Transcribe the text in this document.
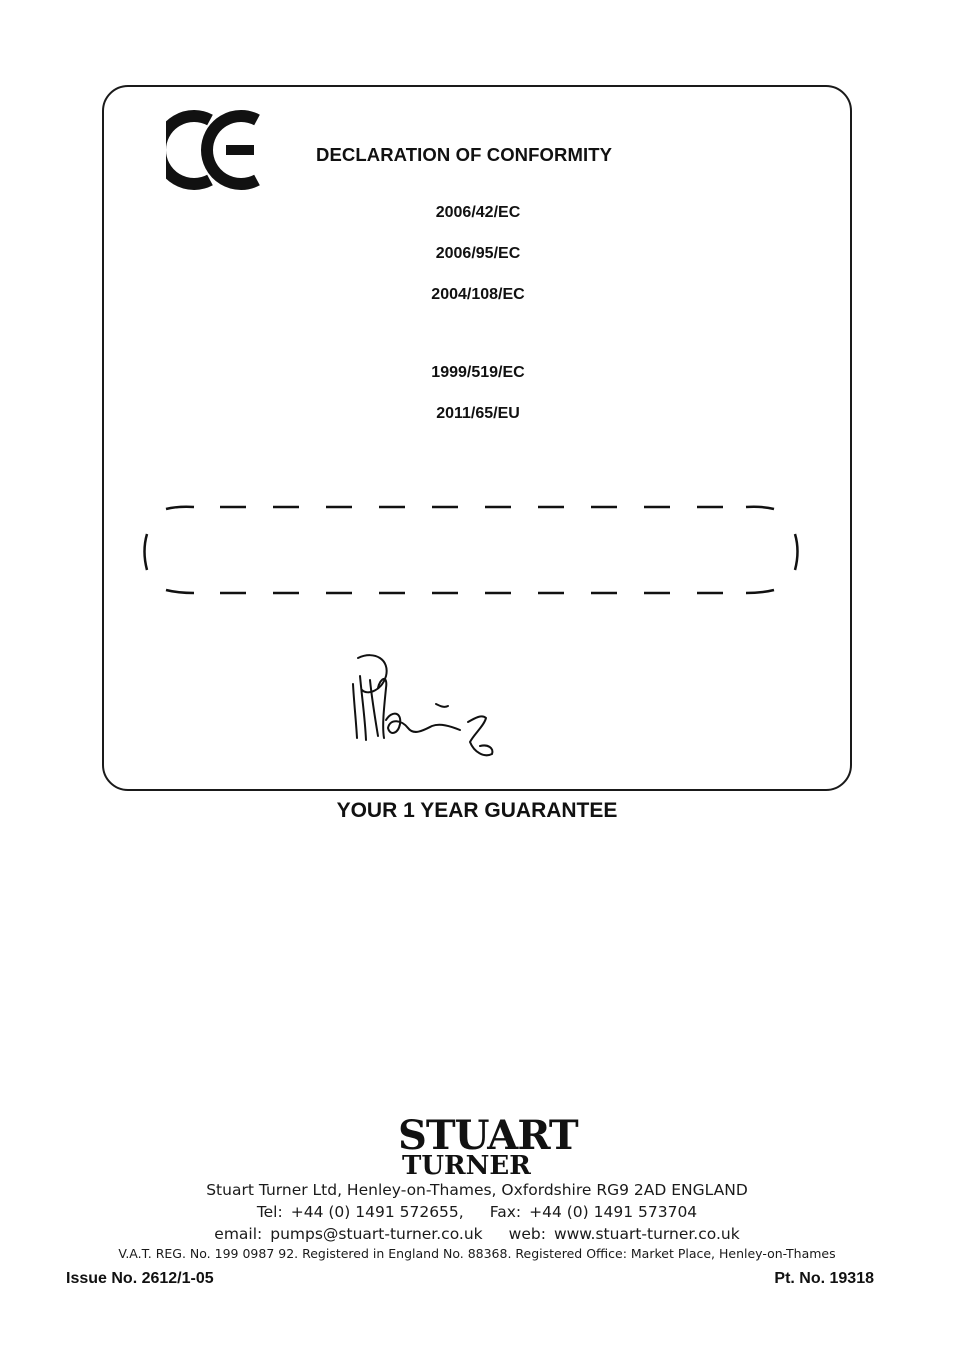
DECLARATION OF CONFORMITY
2006/42/EC
2006/95/EC
2004/108/EC
1999/519/EC
2011/65/EU
YOUR 1 YEAR GUARANTEE
STUART
TURNER
Stuart Turner Ltd, Henley-on-Thames, Oxfordshire RG9 2AD ENGLAND
Tel: +44 (0) 1491 572655, Fax: +44 (0) 1491 573704
email: pumps@stuart-turner.co.uk web: www.stuart-turner.co.uk
V.A.T. REG. No. 199 0987 92. Registered in England No. 88368. Registered Office: Market Place, Henley-on-Thames
Issue No. 2612/1-05	Pt. No. 19318
